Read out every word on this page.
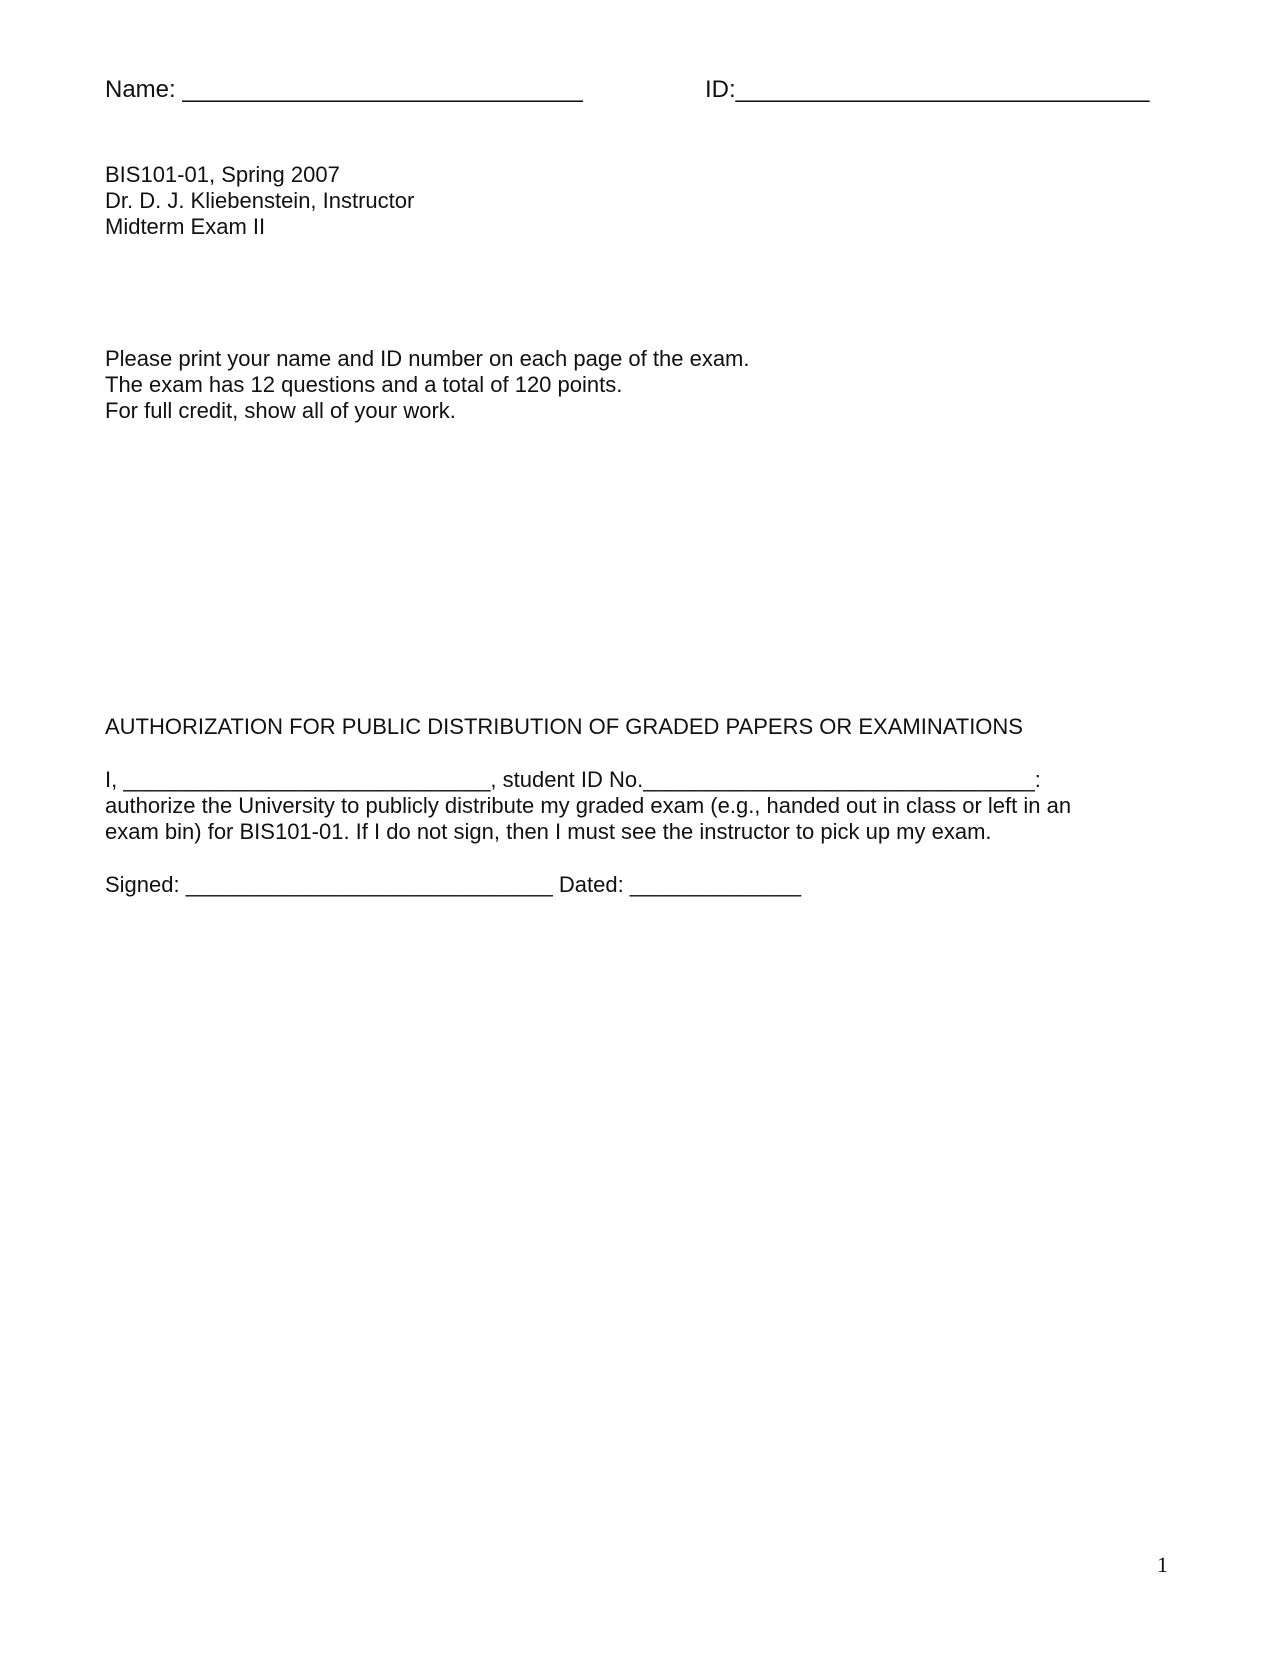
Name: ______________________________	ID:_______________________________
BIS101-01, Spring 2007
Dr. D. J. Kliebenstein, Instructor
Midterm Exam II
Please print your name and ID number on each page of the exam.
The exam has 12 questions and a total of 120 points.
For full credit, show all of your work.
AUTHORIZATION FOR PUBLIC DISTRIBUTION OF GRADED PAPERS OR EXAMINATIONS
I, ______________________________, student ID No.________________________________:
authorize the University to publicly distribute my graded exam (e.g., handed out in class or left in an
exam bin) for BIS101-01. If I do not sign, then I must see the instructor to pick up my exam.
Signed: ______________________________ Dated: ______________
1
